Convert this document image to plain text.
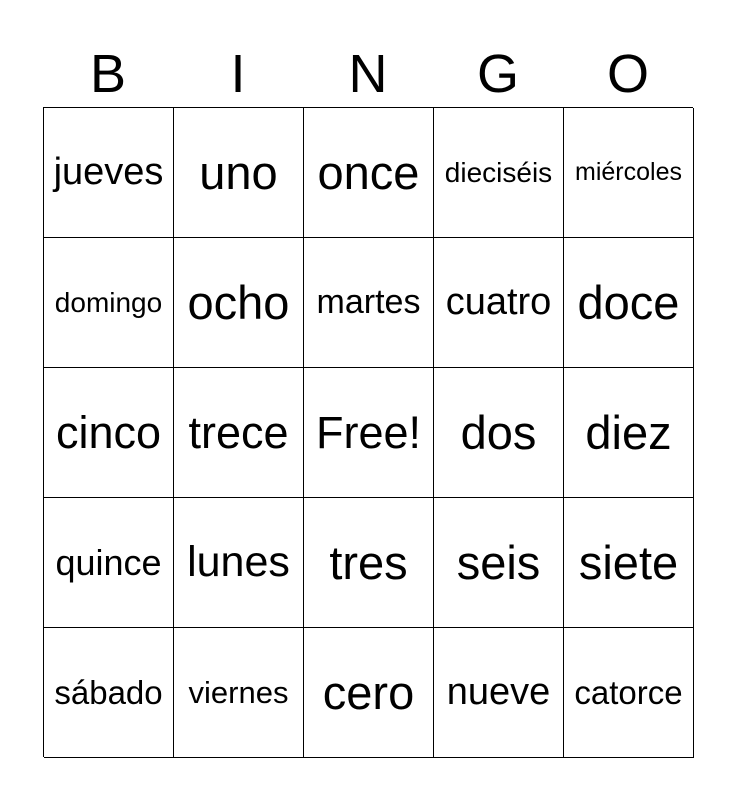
B	I	N	G	O
jueves uno once dieciséis miércoles
domingo ocho martes cuatro doce
cinco trece Free! dos diez
quince lunes tres seis siete
sábado viernes cero nueve catorce
